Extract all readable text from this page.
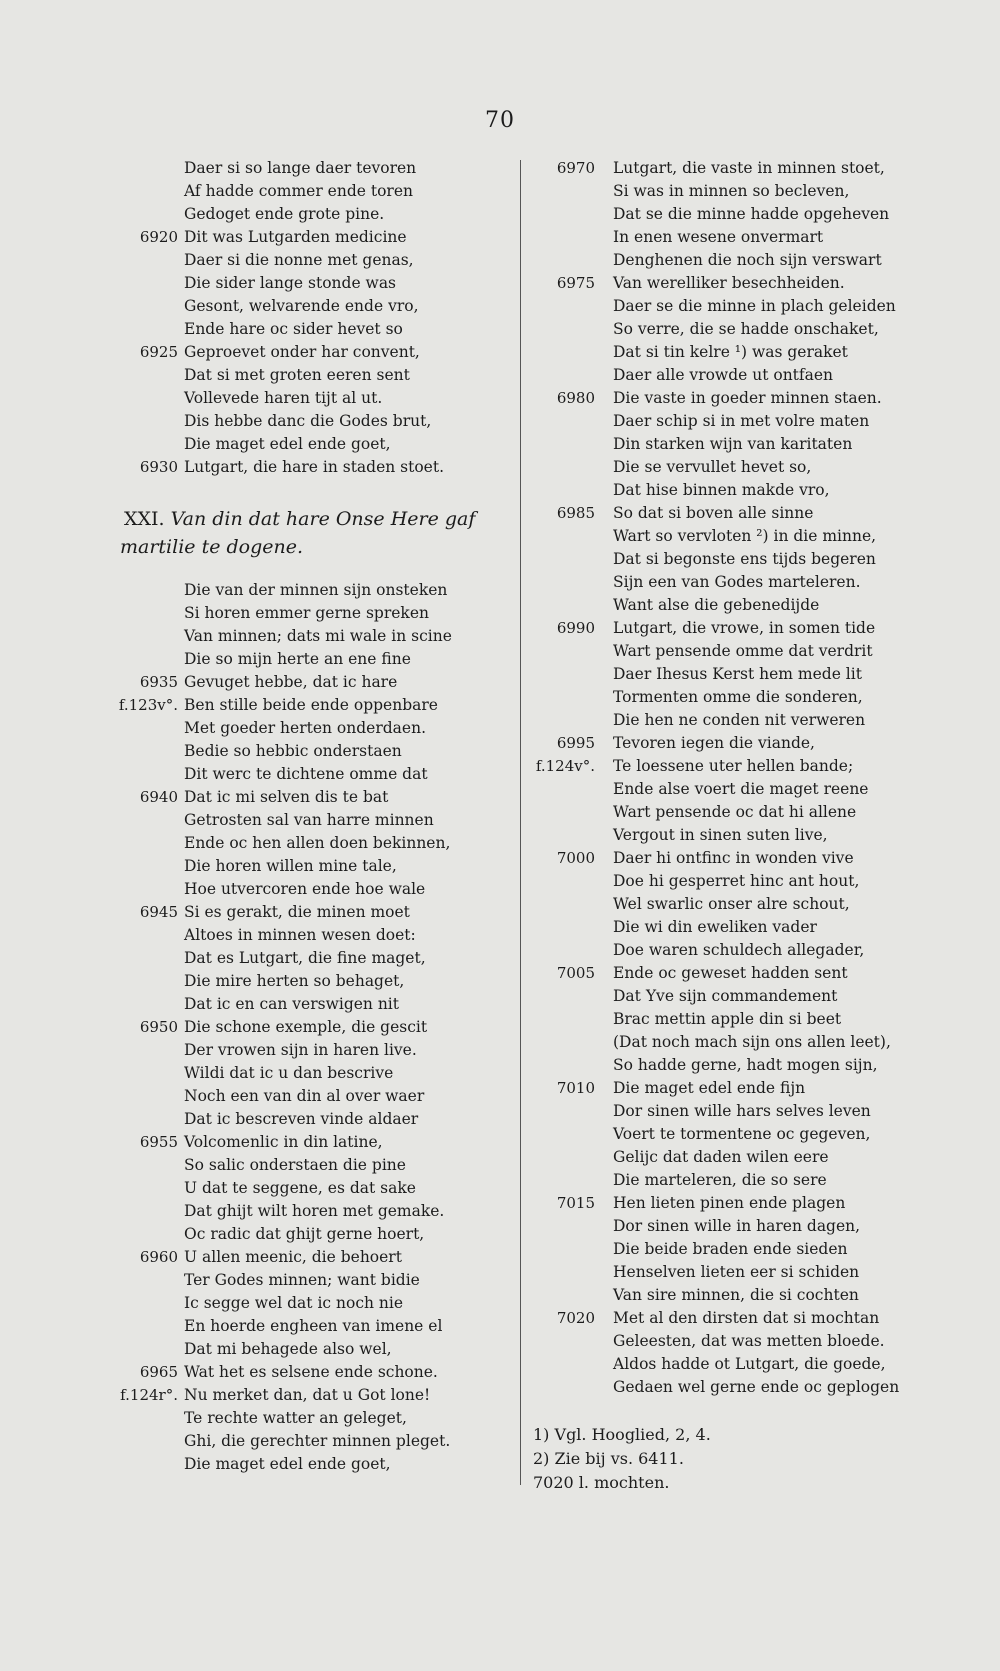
70
Daer si so lange daer tevoren
Af hadde commer ende toren
Gedoget ende grote pine.
6920 Dit was Lutgarden medicine
Daer si die nonne met genas,
Die sider lange stonde was
Gesont, welvarende ende vro,
Ende hare oc sider hevet so
6925 Geproevet onder har convent,
Dat si met groten eeren sent
Vollevede haren tijt al ut.
Dis hebbe danc die Godes brut,
Die maget edel ende goet,
6930 Lutgart, die hare in staden stoet.
XXI. Van din dat hare Onse Here gaf
martilie te dogene.
Die van der minnen sijn onsteken
Si horen emmer gerne spreken
Van minnen; dats mi wale in scine
Die so mijn herte an ene fine
6935 Gevuget hebbe, dat ic hare
f.123v°. Ben stille beide ende oppenbare
Met goeder herten onderdaen.
Bedie so hebbic onderstaen
Dit werc te dichtene omme dat
6940 Dat ic mi selven dis te bat
Getrosten sal van harre minnen
Ende oc hen allen doen bekinnen,
Die horen willen mine tale,
Hoe utvercoren ende hoe wale
6945 Si es gerakt, die minen moet
Altoes in minnen wesen doet:
Dat es Lutgart, die fine maget,
Die mire herten so behaget,
Dat ic en can verswigen nit
6950 Die schone exemple, die gescit
Der vrowen sijn in haren live.
Wildi dat ic u dan bescrive
Noch een van din al over waer
Dat ic bescreven vinde aldaer
6955 Volcomenlic in din latine,
So salic onderstaen die pine
U dat te seggene, es dat sake
Dat ghijt wilt horen met gemake.
Oc radic dat ghijt gerne hoert,
6960 U allen meenic, die behoert
Ter Godes minnen; want bidie
Ic segge wel dat ic noch nie
En hoerde engheen van imene el
Dat mi behagede also wel,
6965 Wat het es selsene ende schone.
f.124r°. Nu merket dan, dat u Got lone!
Te rechte watter an geleget,
Ghi, die gerechter minnen pleget.
Die maget edel ende goet,
6970 Lutgart, die vaste in minnen stoet,
Si was in minnen so becleven,
Dat se die minne hadde opgeheven
In enen wesene onvermart
Denghenen die noch sijn verswart
6975 Van werelliker besechheiden.
Daer se die minne in plach geleiden
So verre, die se hadde onschaket,
Dat si tin kelre ¹) was geraket
Daer alle vrowde ut ontfaen
6980 Die vaste in goeder minnen staen.
Daer schip si in met volre maten
Din starken wijn van karitaten
Die se vervullet hevet so,
Dat hise binnen makde vro,
6985 So dat si boven alle sinne
Wart so vervloten ²) in die minne,
Dat si begonste ens tijds begeren
Sijn een van Godes marteleren.
Want alse die gebenedijde
6990 Lutgart, die vrowe, in somen tide
Wart pensende omme dat verdrit
Daer Ihesus Kerst hem mede lit
Tormenten omme die sonderen,
Die hen ne conden nit verweren
6995 Tevoren iegen die viande,
f.124v°. Te loessene uter hellen bande;
Ende alse voert die maget reene
Wart pensende oc dat hi allene
Vergout in sinen suten live,
7000 Daer hi ontfinc in wonden vive
Doe hi gesperret hinc ant hout,
Wel swarlic onser alre schout,
Die wi din eweliken vader
Doe waren schuldech allegader,
7005 Ende oc geweset hadden sent
Dat Yve sijn commandement
Brac mettin apple din si beet
(Dat noch mach sijn ons allen leet),
So hadde gerne, hadt mogen sijn,
7010 Die maget edel ende fijn
Dor sinen wille hars selves leven
Voert te tormentene oc gegeven,
Gelijc dat daden wilen eere
Die marteleren, die so sere
7015 Hen lieten pinen ende plagen
Dor sinen wille in haren dagen,
Die beide braden ende sieden
Henselven lieten eer si schiden
Van sire minnen, die si cochten
7020 Met al den dirsten dat si mochtan
Geleesten, dat was metten bloede.
Aldos hadde ot Lutgart, die goede,
Gedaen wel gerne ende oc geplogen
1) Vgl. Hooglied, 2, 4.
2) Zie bij vs. 6411.
7020 l. mochten.
